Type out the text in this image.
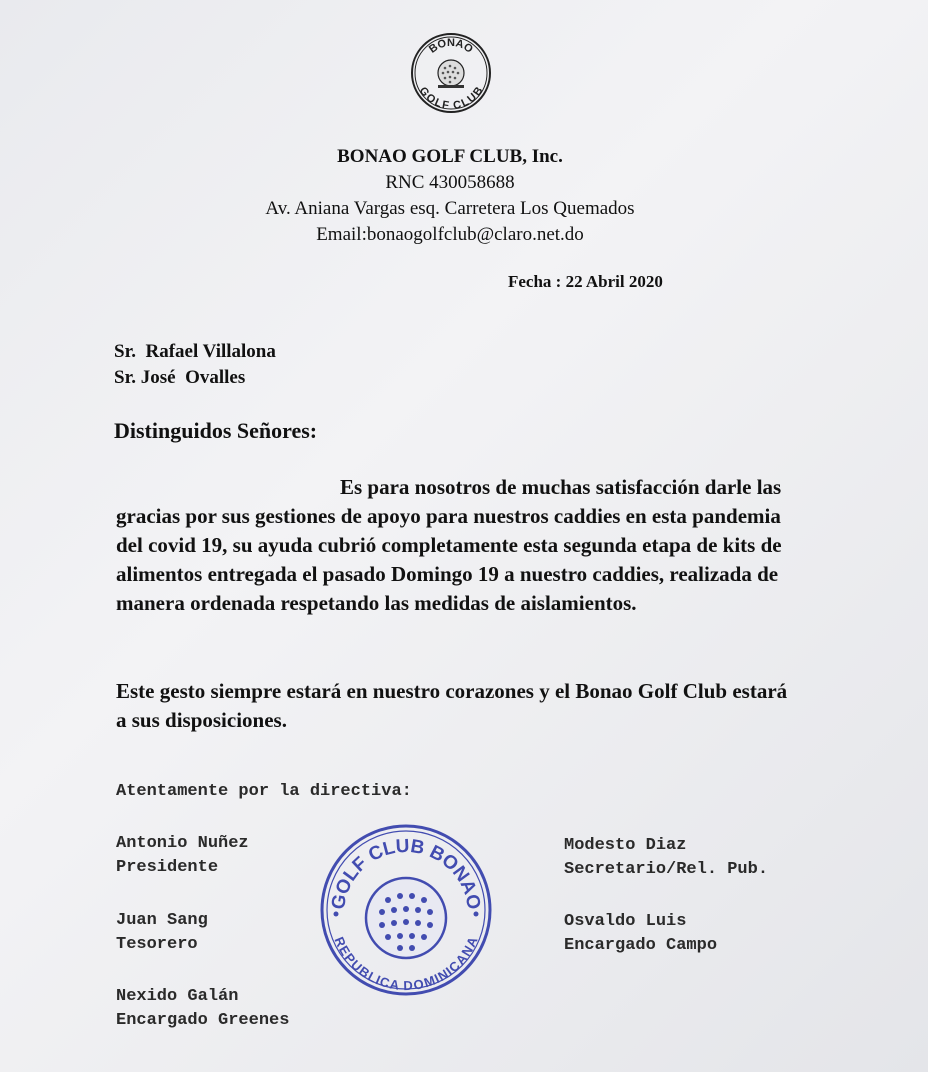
BONAO
GOLF CLUB
BONAO GOLF CLUB, Inc.
RNC 430058688
Av. Aniana Vargas esq. Carretera Los Quemados
Email:bonaogolfclub@claro.net.do
Fecha : 22 Abril 2020
Sr.  Rafael Villalona
Sr. José  Ovalles
Distinguidos Señores:
Es para nosotros de muchas satisfacción darle las gracias por sus gestiones de apoyo para nuestros caddies en esta pandemia del covid 19, su ayuda cubrió completamente esta segunda etapa de kits de alimentos entregada el pasado Domingo 19 a nuestro caddies, realizada de manera ordenada respetando las medidas de aislamientos.
Este gesto siempre estará en nuestro corazones y el Bonao Golf Club estará a sus disposiciones.
Atentamente por la directiva:
Antonio Nuñez
Presidente
Juan Sang
Tesorero
Nexido Galán
Encargado Greenes
Modesto Diaz
Secretario/Rel. Pub.
Osvaldo Luis
Encargado Campo
GOLF CLUB BONAO
REPUBLICA DOMINICANA
